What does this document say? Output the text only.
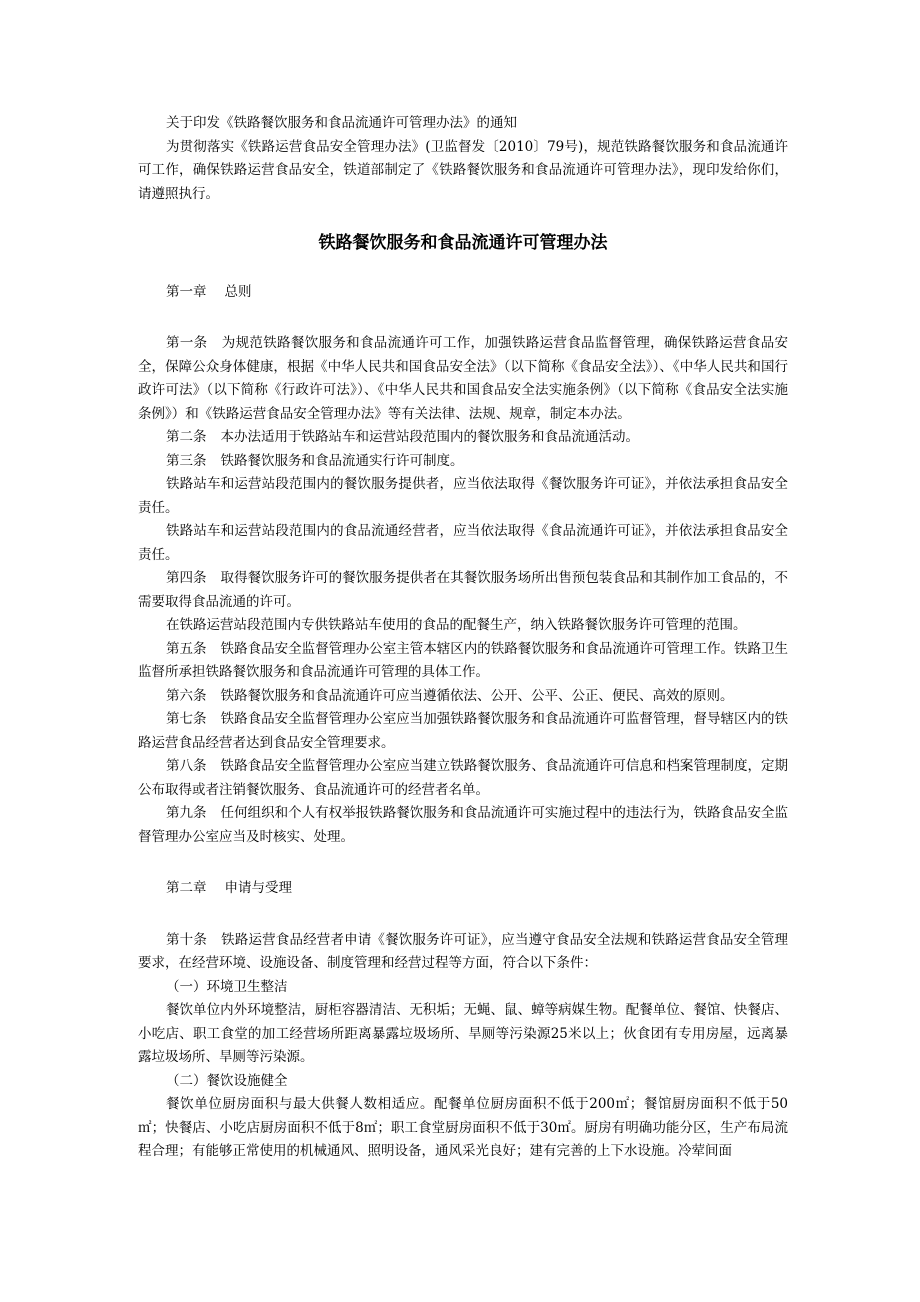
关于印发《铁路餐饮服务和食品流通许可管理办法》的通知

为贯彻落实《铁路运营食品安全管理办法》(卫监督发〔2010〕79号)，规范铁路餐饮服务和食品流通许可工作，确保铁路运营食品安全，铁道部制定了《铁路餐饮服务和食品流通许可管理办法》，现印发给你们，请遵照执行。

铁路餐饮服务和食品流通许可管理办法

第一章 总则

第一条 为规范铁路餐饮服务和食品流通许可工作，加强铁路运营食品监督管理，确保铁路运营食品安全，保障公众身体健康，根据《中华人民共和国食品安全法》（以下简称《食品安全法》）、《中华人民共和国行政许可法》（以下简称《行政许可法》）、《中华人民共和国食品安全法实施条例》（以下简称《食品安全法实施条例》）和《铁路运营食品安全管理办法》等有关法律、法规、规章，制定本办法。

第二条 本办法适用于铁路站车和运营站段范围内的餐饮服务和食品流通活动。

第三条 铁路餐饮服务和食品流通实行许可制度。

铁路站车和运营站段范围内的餐饮服务提供者，应当依法取得《餐饮服务许可证》，并依法承担食品安全责任。

铁路站车和运营站段范围内的食品流通经营者，应当依法取得《食品流通许可证》，并依法承担食品安全责任。

第四条 取得餐饮服务许可的餐饮服务提供者在其餐饮服务场所出售预包装食品和其制作加工食品的，不需要取得食品流通的许可。

在铁路运营站段范围内专供铁路站车使用的食品的配餐生产，纳入铁路餐饮服务许可管理的范围。

第五条 铁路食品安全监督管理办公室主管本辖区内的铁路餐饮服务和食品流通许可管理工作。铁路卫生监督所承担铁路餐饮服务和食品流通许可管理的具体工作。

第六条 铁路餐饮服务和食品流通许可应当遵循依法、公开、公平、公正、便民、高效的原则。

第七条 铁路食品安全监督管理办公室应当加强铁路餐饮服务和食品流通许可监督管理，督导辖区内的铁路运营食品经营者达到食品安全管理要求。

第八条 铁路食品安全监督管理办公室应当建立铁路餐饮服务、食品流通许可信息和档案管理制度，定期公布取得或者注销餐饮服务、食品流通许可的经营者名单。

第九条 任何组织和个人有权举报铁路餐饮服务和食品流通许可实施过程中的违法行为，铁路食品安全监督管理办公室应当及时核实、处理。

第二章 申请与受理

第十条 铁路运营食品经营者申请《餐饮服务许可证》，应当遵守食品安全法规和铁路运营食品安全管理要求，在经营环境、设施设备、制度管理和经营过程等方面，符合以下条件：

（一）环境卫生整洁

餐饮单位内外环境整洁，厨柜容器清洁、无积垢；无蝇、鼠、蟑等病媒生物。配餐单位、餐馆、快餐店、小吃店、职工食堂的加工经营场所距离暴露垃圾场所、旱厕等污染源25米以上；伙食团有专用房屋，远离暴露垃圾场所、旱厕等污染源。

（二）餐饮设施健全

餐饮单位厨房面积与最大供餐人数相适应。配餐单位厨房面积不低于200㎡；餐馆厨房面积不低于50㎡；快餐店、小吃店厨房面积不低于8㎡；职工食堂厨房面积不低于30㎡。厨房有明确功能分区，生产布局流程合理；有能够正常使用的机械通风、照明设备，通风采光良好；建有完善的上下水设施。冷荤间面
